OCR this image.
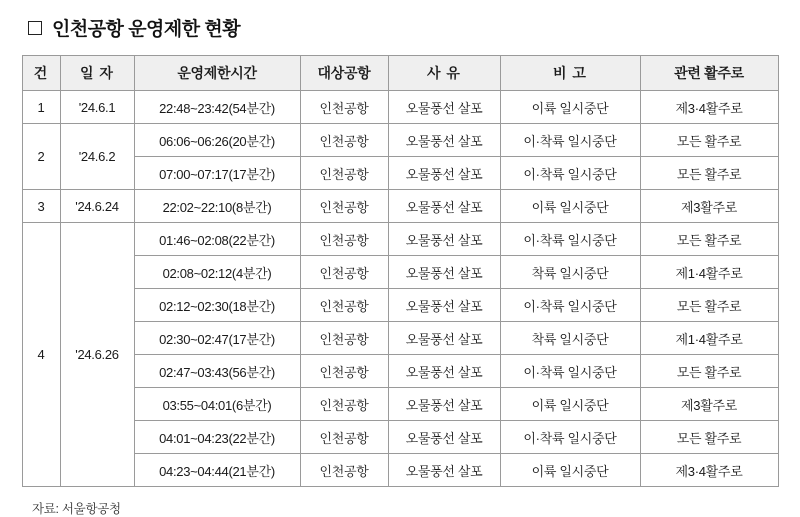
인천공항 운영제한 현황
건	일 자	운영제한시간	대상공항	사 유	비 고	관련 활주로
1	'24.6.1	22:48~23:42(54분간)	인천공항	오물풍선 살포	이륙 일시중단	제3·4활주로
2	'24.6.2	06:06~06:26(20분간)	인천공항	오물풍선 살포	이·착륙 일시중단	모든 활주로
		07:00~07:17(17분간)	인천공항	오물풍선 살포	이·착륙 일시중단	모든 활주로
3	'24.6.24	22:02~22:10(8분간)	인천공항	오물풍선 살포	이륙 일시중단	제3활주로
4	'24.6.26	01:46~02:08(22분간)	인천공항	오물풍선 살포	이·착륙 일시중단	모든 활주로
		02:08~02:12(4분간)	인천공항	오물풍선 살포	착륙 일시중단	제1·4활주로
		02:12~02:30(18분간)	인천공항	오물풍선 살포	이·착륙 일시중단	모든 활주로
		02:30~02:47(17분간)	인천공항	오물풍선 살포	착륙 일시중단	제1·4활주로
		02:47~03:43(56분간)	인천공항	오물풍선 살포	이·착륙 일시중단	모든 활주로
		03:55~04:01(6분간)	인천공항	오물풍선 살포	이륙 일시중단	제3활주로
		04:01~04:23(22분간)	인천공항	오물풍선 살포	이·착륙 일시중단	모든 활주로
		04:23~04:44(21분간)	인천공항	오물풍선 살포	이륙 일시중단	제3·4활주로
자료: 서울항공청
